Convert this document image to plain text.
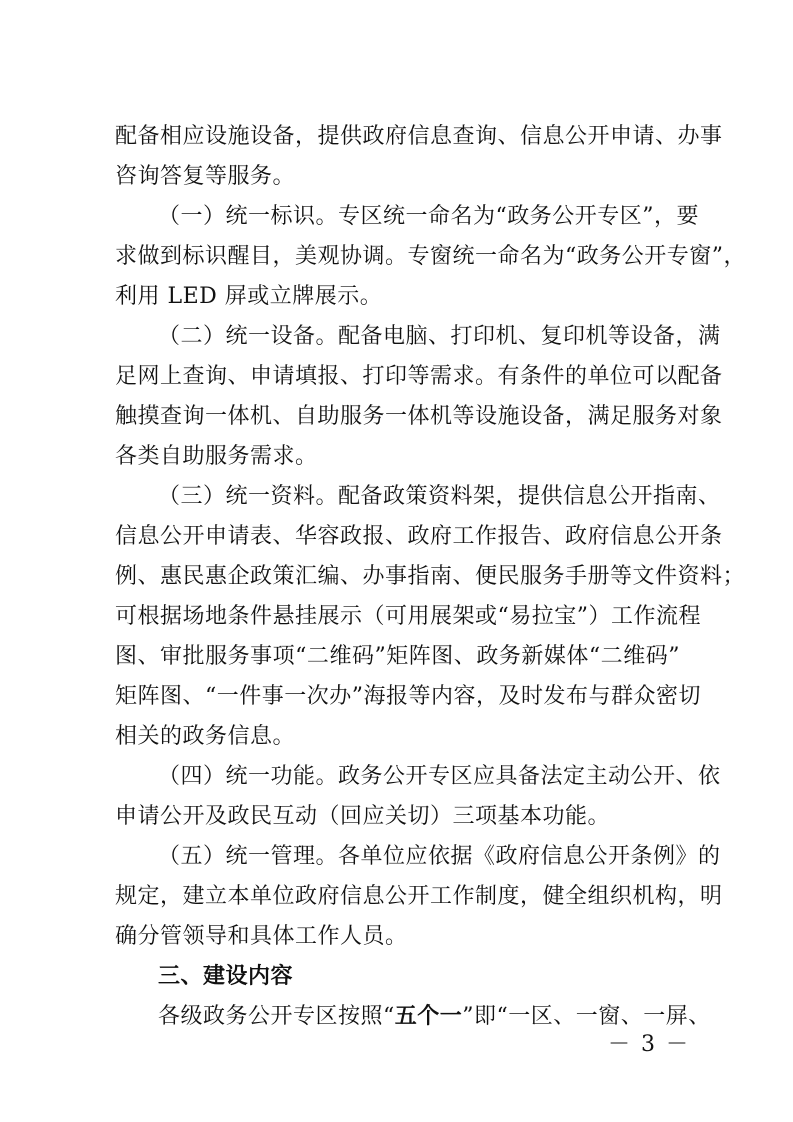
配备相应设施设备，提供政府信息查询、信息公开申请、办事
咨询答复等服务。
（一）统一标识。专区统一命名为“政务公开专区”，要
求做到标识醒目，美观协调。专窗统一命名为“政务公开专窗”，
利用 LED 屏或立牌展示。
（二）统一设备。配备电脑、打印机、复印机等设备，满
足网上查询、申请填报、打印等需求。有条件的单位可以配备
触摸查询一体机、自助服务一体机等设施设备，满足服务对象
各类自助服务需求。
（三）统一资料。配备政策资料架，提供信息公开指南、
信息公开申请表、华容政报、政府工作报告、政府信息公开条
例、惠民惠企政策汇编、办事指南、便民服务手册等文件资料；
可根据场地条件悬挂展示（可用展架或“易拉宝”）工作流程
图、审批服务事项“二维码”矩阵图、政务新媒体“二维码”
矩阵图、“一件事一次办”海报等内容，及时发布与群众密切
相关的政务信息。
（四）统一功能。政务公开专区应具备法定主动公开、依
申请公开及政民互动（回应关切）三项基本功能。
（五）统一管理。各单位应依据《政府信息公开条例》的
规定，建立本单位政府信息公开工作制度，健全组织机构，明
确分管领导和具体工作人员。
三、建设内容
各级政务公开专区按照“五个一”即“一区、一窗、一屏、
－ 3 －
